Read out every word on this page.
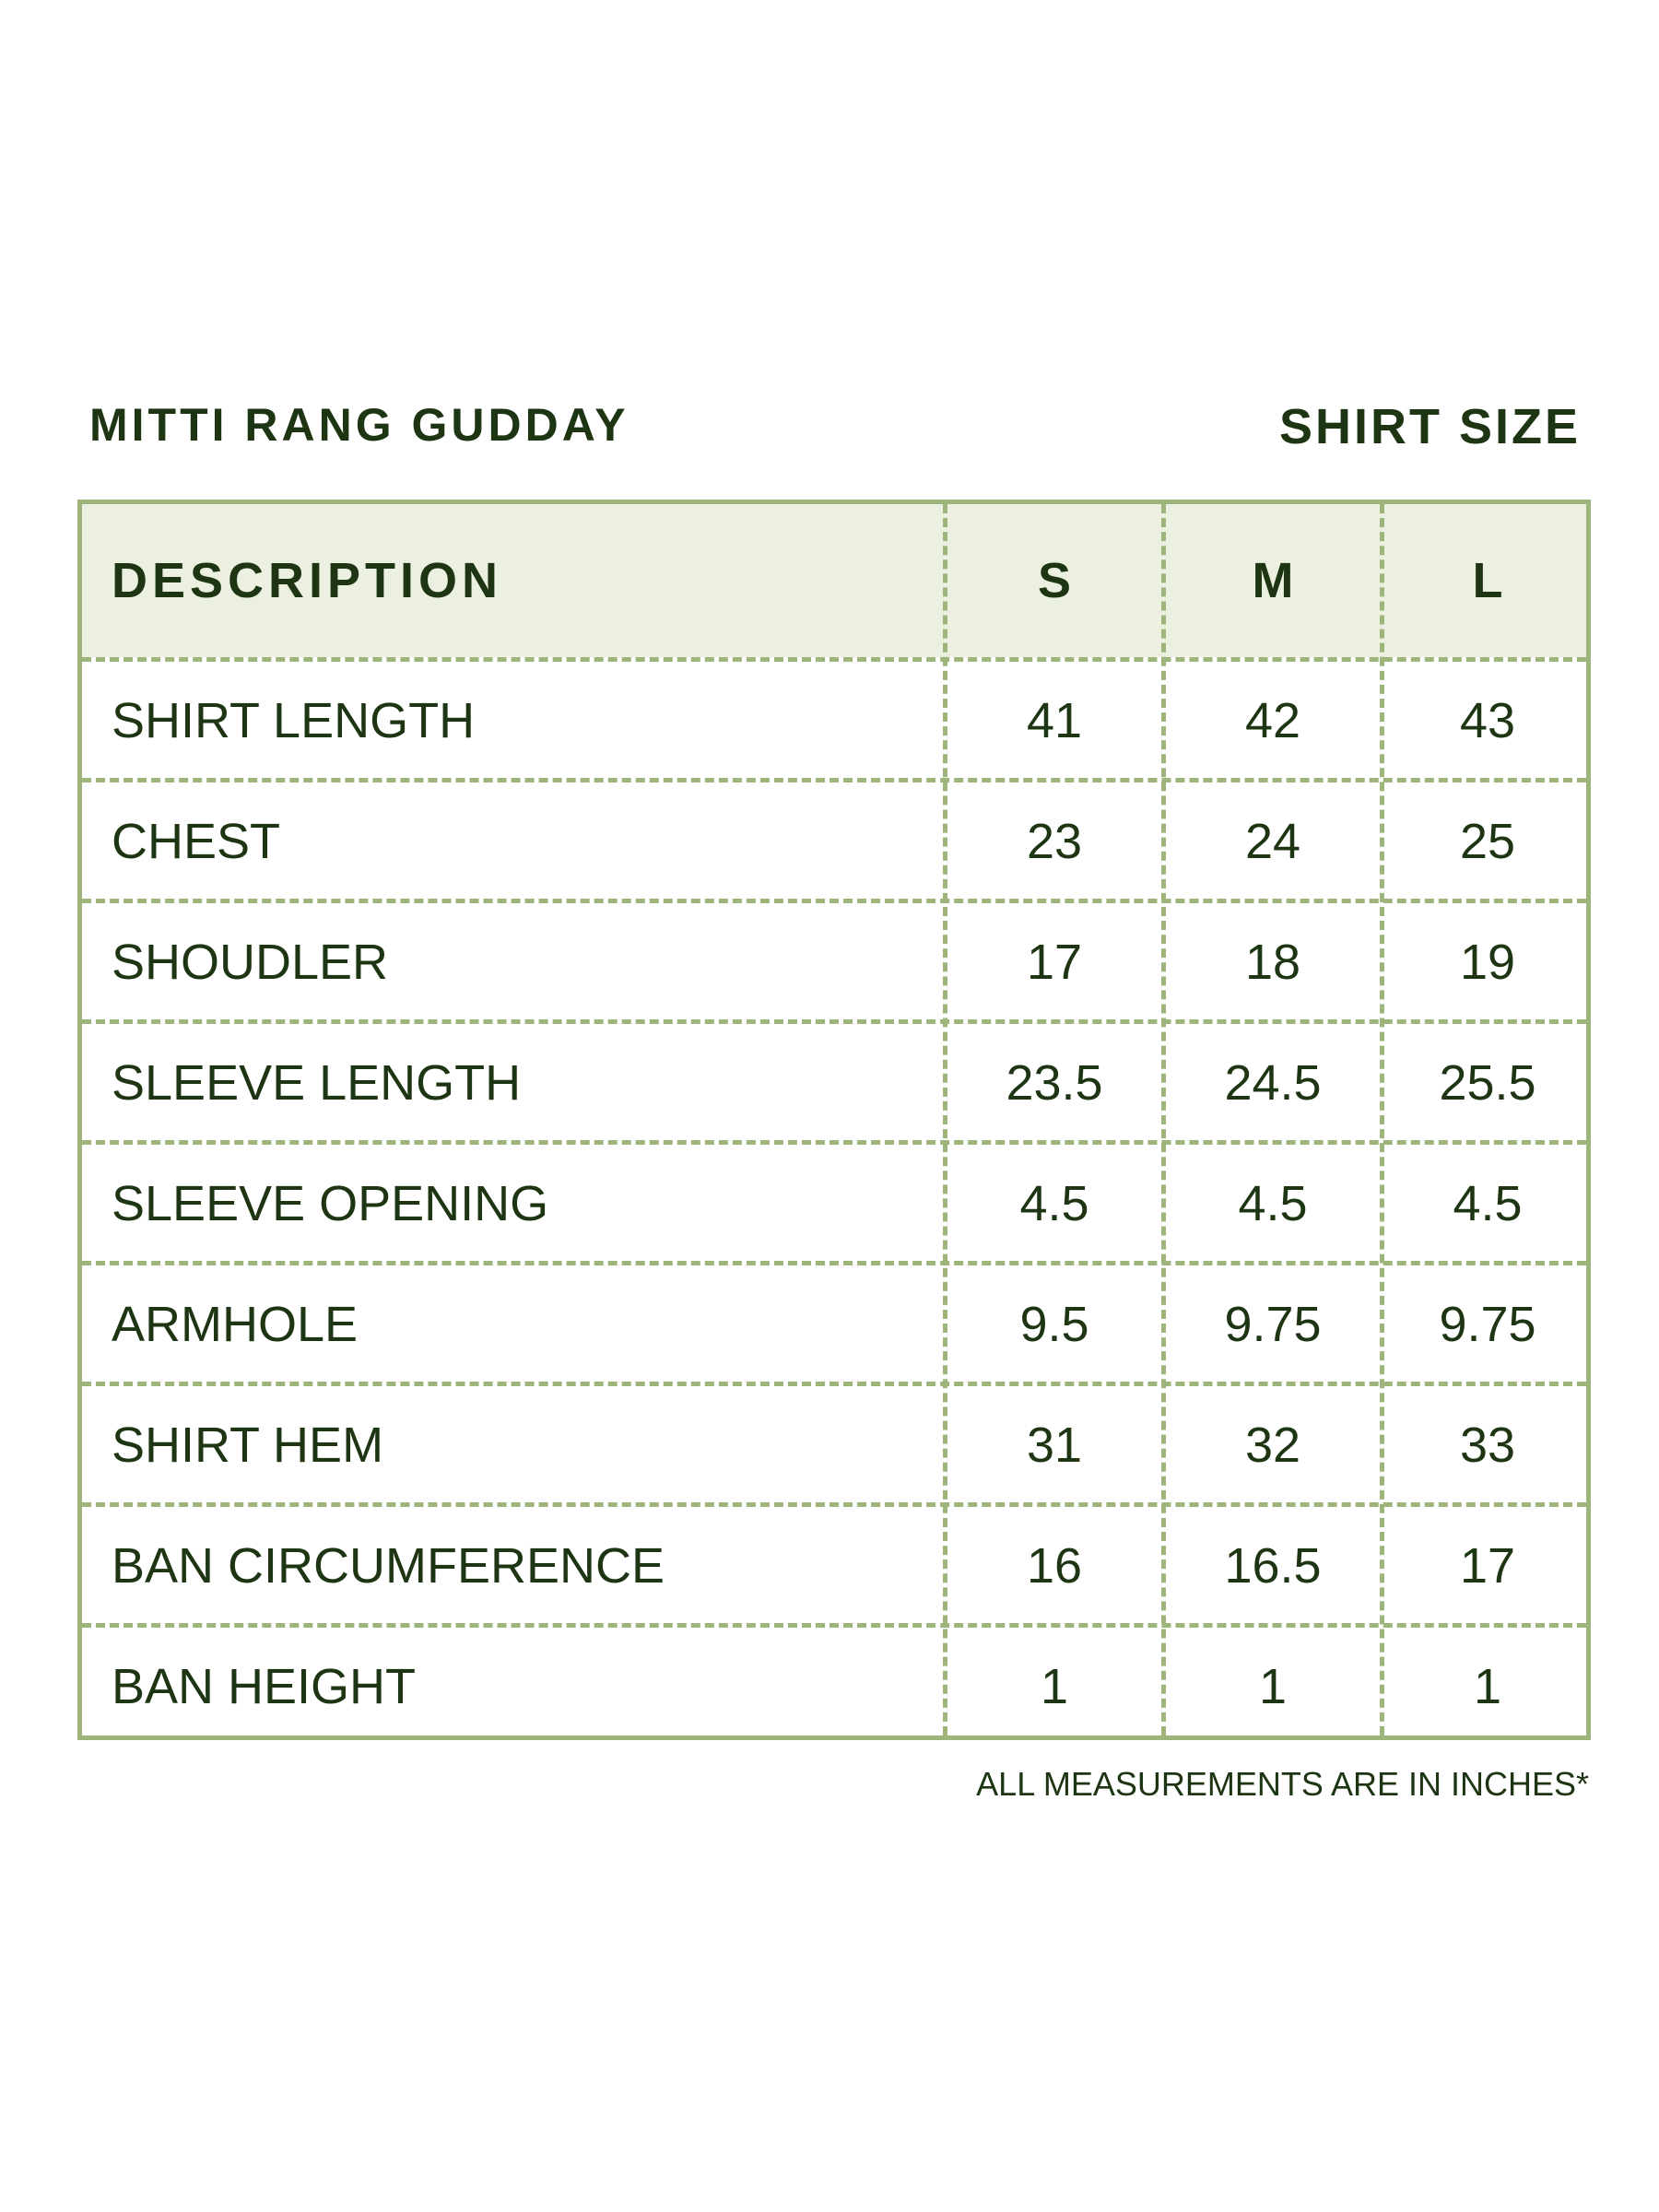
MITTI RANG GUDDAY	SHIRT SIZE
DESCRIPTION	S	M	L
SHIRT LENGTH	41	42	43
CHEST	23	24	25
SHOUDLER	17	18	19
SLEEVE LENGTH	23.5	24.5	25.5
SLEEVE OPENING	4.5	4.5	4.5
ARMHOLE	9.5	9.75	9.75
SHIRT HEM	31	32	33
BAN CIRCUMFERENCE	16	16.5	17
BAN HEIGHT	1	1	1
ALL MEASUREMENTS ARE IN INCHES*
